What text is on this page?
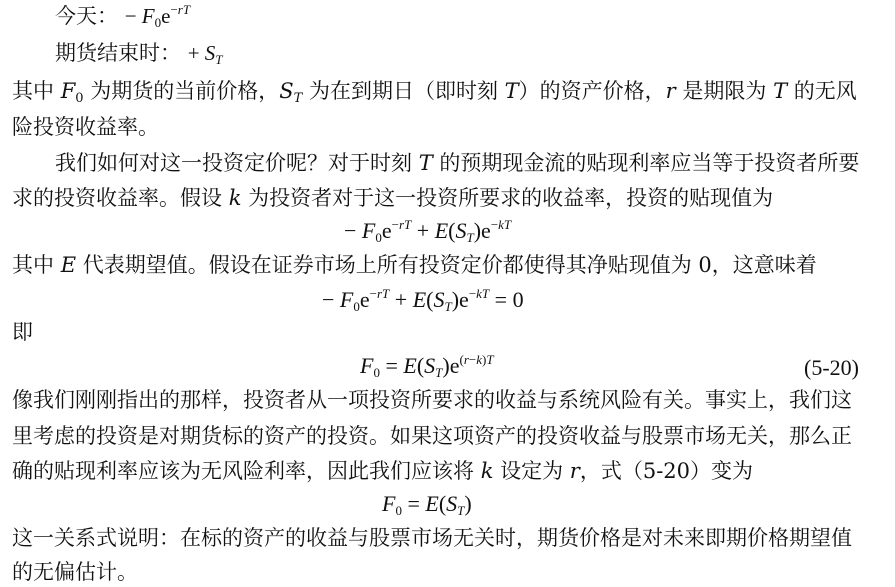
今天： − $F_0e^{-rT}$
期货结束时： + $S_T$
其中 $F_0$ 为期货的当前价格，$S_T$ 为在到期日（即时刻 T）的资产价格，r 是期限为 T 的无风
险投资收益率。
我们如何对这一投资定价呢？对于时刻 T 的预期现金流的贴现利率应当等于投资者所要
求的投资收益率。假设 k 为投资者对于这一投资所要求的收益率，投资的贴现值为
− $F_0e^{-rT} + E(S_T)e^{-kT}$
其中 E 代表期望值。假设在证券市场上所有投资定价都使得其净贴现值为 0，这意味着
− $F_0e^{-rT} + E(S_T)e^{-kT} = 0$
即
$F_0 = E(S_T)e^{(r-k)T}$	(5-20)
像我们刚刚指出的那样，投资者从一项投资所要求的收益与系统风险有关。事实上，我们这
里考虑的投资是对期货标的资产的投资。如果这项资产的投资收益与股票市场无关，那么正
确的贴现利率应该为无风险利率，因此我们应该将 k 设定为 r，式（5-20）变为
$F_0 = E(S_T)$
这一关系式说明：在标的资产的收益与股票市场无关时，期货价格是对未来即期价格期望值
的无偏估计。
